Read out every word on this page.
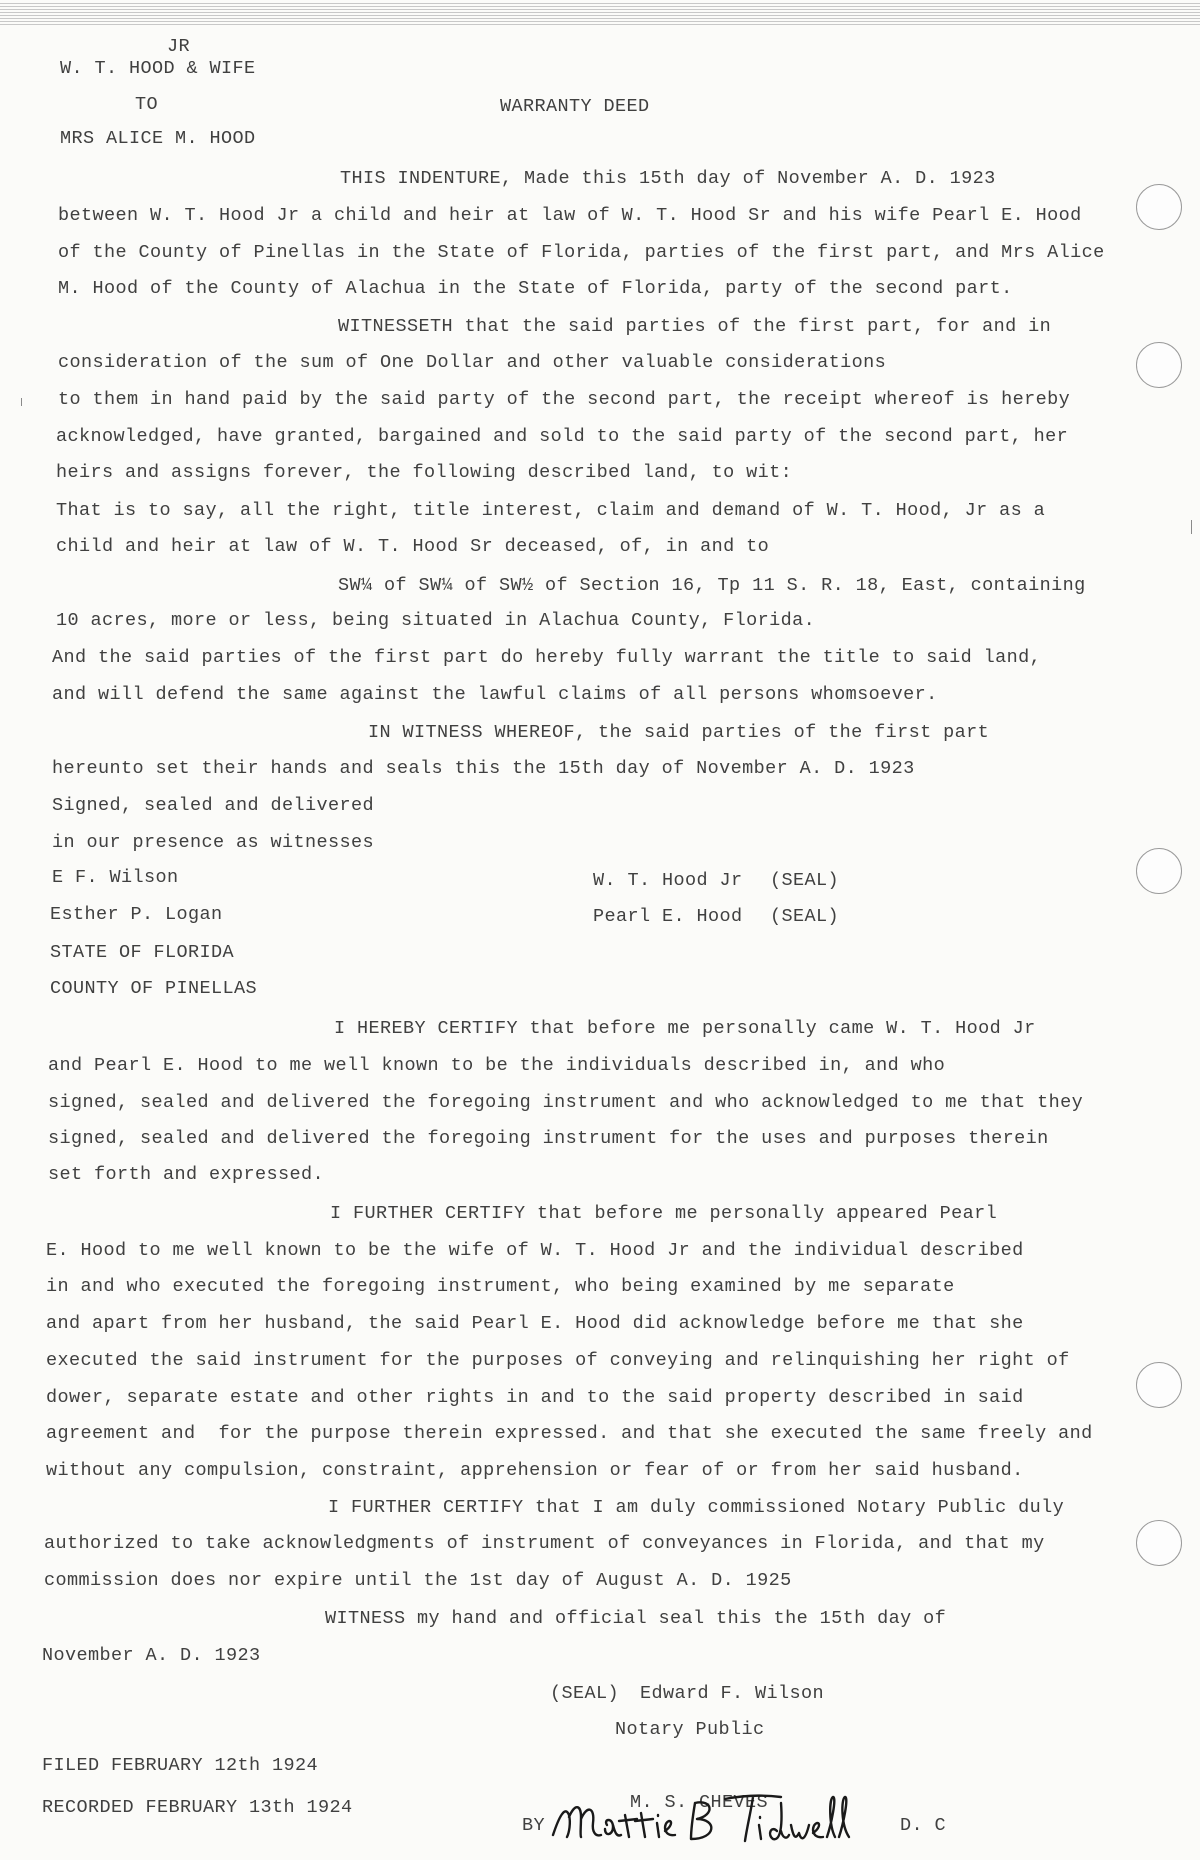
JR
W. T. HOOD & WIFE
TO	WARRANTY DEED
MRS ALICE M. HOOD
THIS INDENTURE, Made this 15th day of November A. D. 1923
between W. T. Hood Jr a child and heir at law of W. T. Hood Sr and his wife Pearl E. Hood
of the County of Pinellas in the State of Florida, parties of the first part, and Mrs Alice
M. Hood of the County of Alachua in the State of Florida, party of the second part.
WITNESSETH that the said parties of the first part, for and in
consideration of the sum of One Dollar and other valuable considerations
to them in hand paid by the said party of the second part, the receipt whereof is hereby
acknowledged, have granted, bargained and sold to the said party of the second part, her
heirs and assigns forever, the following described land, to wit:
That is to say, all the right, title interest, claim and demand of W. T. Hood, Jr as a
child and heir at law of W. T. Hood Sr deceased, of, in and to
SW¼ of SW¼ of SW½ of Section 16, Tp 11 S. R. 18, East, containing
10 acres, more or less, being situated in Alachua County, Florida.
And the said parties of the first part do hereby fully warrant the title to said land,
and will defend the same against the lawful claims of all persons whomsoever.
IN WITNESS WHEREOF, the said parties of the first part
hereunto set their hands and seals this the 15th day of November A. D. 1923
Signed, sealed and delivered
in our presence as witnesses
E F. Wilson
Esther P. Logan
W. T. Hood Jr (SEAL)
Pearl E. Hood (SEAL)
STATE OF FLORIDA
COUNTY OF PINELLAS
I HEREBY CERTIFY that before me personally came W. T. Hood Jr
and Pearl E. Hood to me well known to be the individuals described in, and who
signed, sealed and delivered the foregoing instrument and who acknowledged to me that they
signed, sealed and delivered the foregoing instrument for the uses and purposes therein
set forth and expressed.
I FURTHER CERTIFY that before me personally appeared Pearl
E. Hood to me well known to be the wife of W. T. Hood Jr and the individual described
in and who executed the foregoing instrument, who being examined by me separate
and apart from her husband, the said Pearl E. Hood did acknowledge before me that she
executed the said instrument for the purposes of conveying and relinquishing her right of
dower, separate estate and other rights in and to the said property described in said
agreement and  for the purpose therein expressed. and that she executed the same freely and
without any compulsion, constraint, apprehension or fear of or from her said husband.
I FURTHER CERTIFY that I am duly commissioned Notary Public duly
authorized to take acknowledgments of instrument of conveyances in Florida, and that my
commission does nor expire until the 1st day of August A. D. 1925
WITNESS my hand and official seal this the 15th day of
November A. D. 1923
(SEAL) Edward F. Wilson
Notary Public
FILED FEBRUARY 12th 1924
RECORDED FEBRUARY 13th 1924
BY
M. S. CHEVES
D. C
